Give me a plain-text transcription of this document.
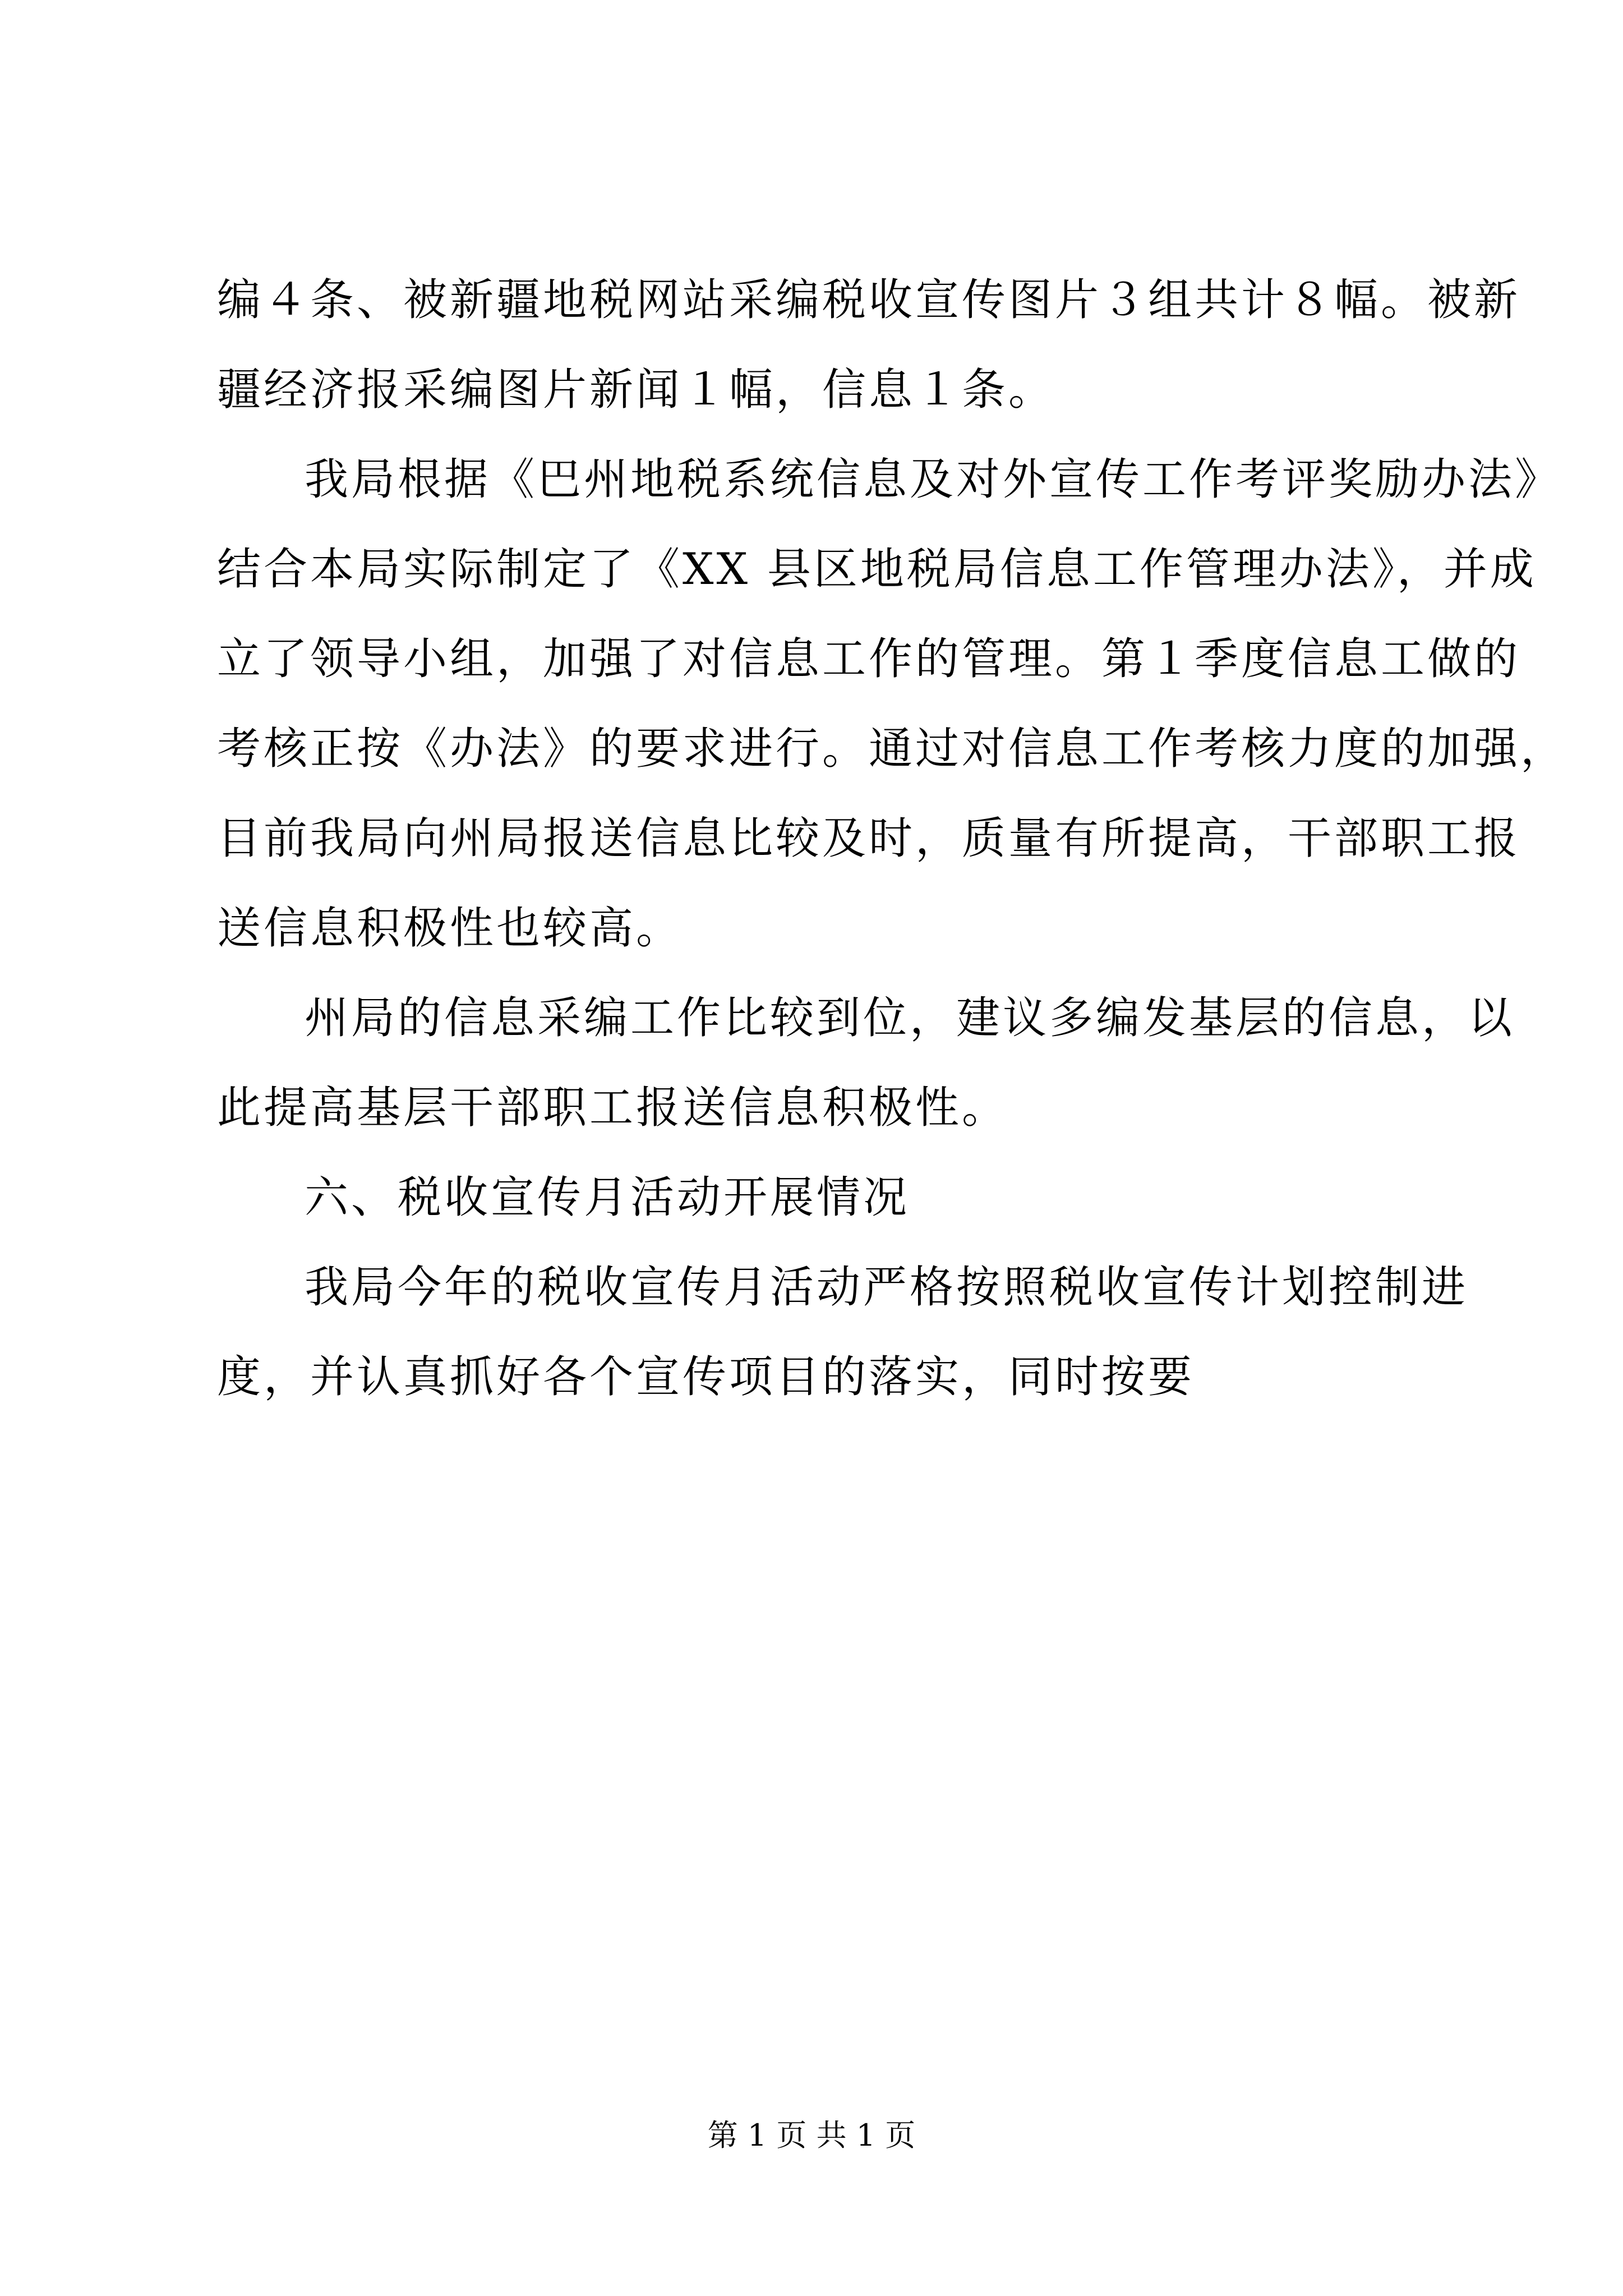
编４条、被新疆地税网站采编税收宣传图片３组共计８幅。被新
疆经济报采编图片新闻１幅，信息１条。
我局根据《巴州地税系统信息及对外宣传工作考评奖励办法》
结合本局实际制定了《XX 县区地税局信息工作管理办法》，并成
立了领导小组，加强了对信息工作的管理。第１季度信息工做的
考核正按《办法》的要求进行。通过对信息工作考核力度的加强，
目前我局向州局报送信息比较及时，质量有所提高，干部职工报
送信息积极性也较高。
州局的信息采编工作比较到位，建议多编发基层的信息，以
此提高基层干部职工报送信息积极性。
六、税收宣传月活动开展情况
我局今年的税收宣传月活动严格按照税收宣传计划控制进
度，并认真抓好各个宣传项目的落实，同时按要
第 1 页 共 1 页
